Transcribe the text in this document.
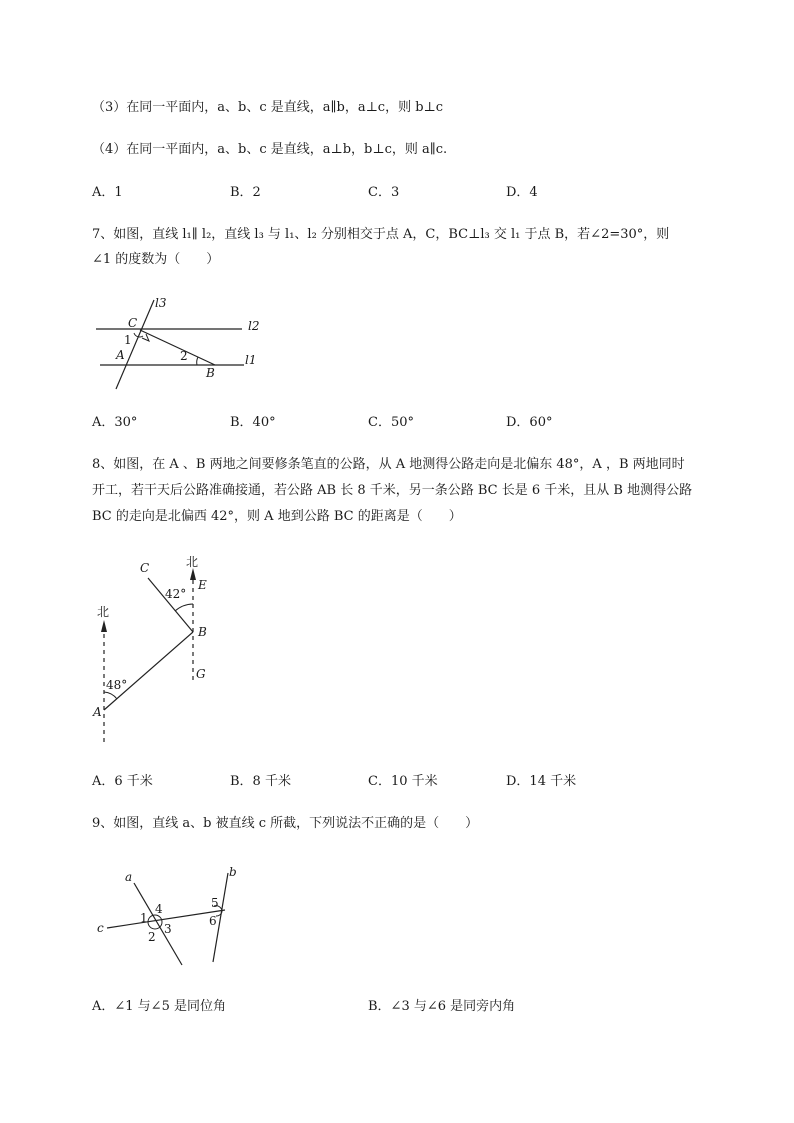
（3）在同一平面内，a、b、c 是直线，a∥b，a⊥c，则 b⊥c
（4）在同一平面内，a、b、c 是直线，a⊥b，b⊥c，则 a∥c.
A．1	B．2	C．3	D．4
7、如图，直线 l₁∥ l₂，直线 l₃ 与 l₁、l₂ 分别相交于点 A，C，BC⊥l₃ 交 l₁ 于点 B，若∠2=30°，则
∠1 的度数为（　　）
l3
l2
l1
C
A
B
1
2
A．30°	B．40°	C．50°	D．60°
8、如图，在 A 、B 两地之间要修条笔直的公路，从 A 地测得公路走向是北偏东 48°，A ，B 两地同时
开工，若干天后公路准确接通，若公路 AB 长 8 千米，另一条公路 BC 长是 6 千米，且从 B 地测得公路
BC 的走向是北偏西 42°，则 A 地到公路 BC 的距离是（　　）
北
北
C
E
B
G
A
42°
48°
A．6 千米	B．8 千米	C．10 千米	D．14 千米
9、如图，直线 a、b 被直线 c 所截，下列说法不正确的是（　　）
a	b
c
1
4
2
3
5
6
A．∠1 与∠5 是同位角	B．∠3 与∠6 是同旁内角
